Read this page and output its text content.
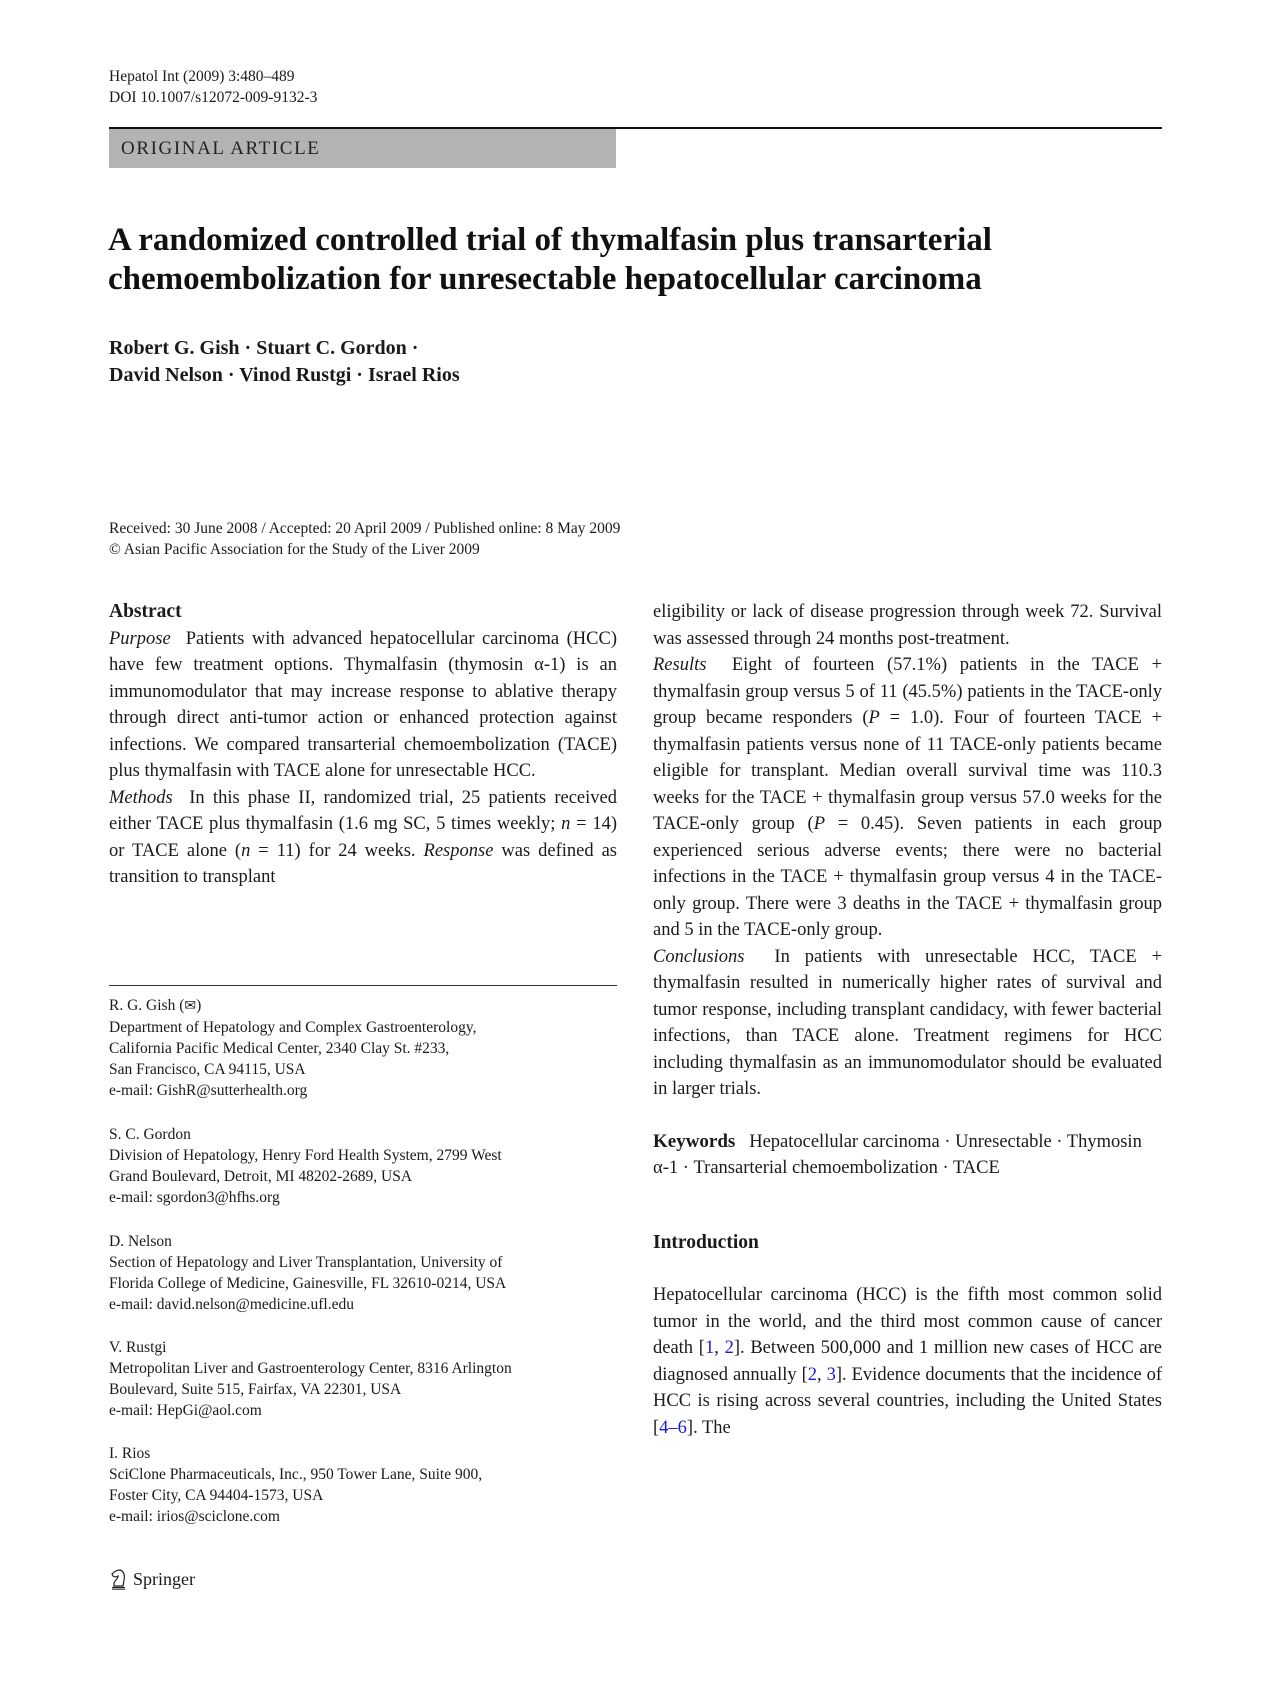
Hepatol Int (2009) 3:480–489
DOI 10.1007/s12072-009-9132-3
ORIGINAL ARTICLE
A randomized controlled trial of thymalfasin plus transarterial
chemoembolization for unresectable hepatocellular carcinoma
Robert G. Gish · Stuart C. Gordon ·
David Nelson · Vinod Rustgi · Israel Rios
Received: 30 June 2008 / Accepted: 20 April 2009 / Published online: 8 May 2009
© Asian Pacific Association for the Study of the Liver 2009

Abstract

Purpose Patients with advanced hepatocellular carcinoma (HCC) have few treatment options. Thymalfasin (thymosin α-1) is an immunomodulator that may increase response to ablative therapy through direct anti-tumor action or enhanced protection against infections. We compared transarterial chemoembolization (TACE) plus thymalfasin with TACE alone for unresectable HCC.

Methods In this phase II, randomized trial, 25 patients received either TACE plus thymalfasin (1.6 mg SC, 5 times weekly; n = 14) or TACE alone (n = 11) for 24 weeks. Response was defined as transition to transplant

R. G. Gish (✉)

Department of Hepatology and Complex Gastroenterology,

California Pacific Medical Center, 2340 Clay St. #233,

San Francisco, CA 94115, USA

e-mail: GishR@sutterhealth.org

S. C. Gordon

Division of Hepatology, Henry Ford Health System, 2799 West

Grand Boulevard, Detroit, MI 48202-2689, USA

e-mail: sgordon3@hfhs.org

D. Nelson

Section of Hepatology and Liver Transplantation, University of

Florida College of Medicine, Gainesville, FL 32610-0214, USA

e-mail: david.nelson@medicine.ufl.edu

V. Rustgi

Metropolitan Liver and Gastroenterology Center, 8316 Arlington

Boulevard, Suite 515, Fairfax, VA 22301, USA

e-mail: HepGi@aol.com

I. Rios

SciClone Pharmaceuticals, Inc., 950 Tower Lane, Suite 900,

Foster City, CA 94404-1573, USA

e-mail: irios@sciclone.com

eligibility or lack of disease progression through week 72. Survival was assessed through 24 months post-treatment.

Results Eight of fourteen (57.1%) patients in the TACE + thymalfasin group versus 5 of 11 (45.5%) patients in the TACE-only group became responders (P = 1.0). Four of fourteen TACE + thymalfasin patients versus none of 11 TACE-only patients became eligible for transplant. Median overall survival time was 110.3 weeks for the TACE + thymalfasin group versus 57.0 weeks for the TACE-only group (P = 0.45). Seven patients in each group experienced serious adverse events; there were no bacterial infections in the TACE + thymalfasin group versus 4 in the TACE-only group. There were 3 deaths in the TACE + thymalfasin group and 5 in the TACE-only group.

Conclusions In patients with unresectable HCC, TACE + thymalfasin resulted in numerically higher rates of survival and tumor response, including transplant candidacy, with fewer bacterial infections, than TACE alone. Treatment regimens for HCC including thymalfasin as an immunomodulator should be evaluated in larger trials.

Keywords Hepatocellular carcinoma · Unresectable · Thymosin α-1 · Transarterial chemoembolization · TACE

Introduction

Hepatocellular carcinoma (HCC) is the fifth most common solid tumor in the world, and the third most common cause of cancer death [1, 2]. Between 500,000 and 1 million new cases of HCC are diagnosed annually [2, 3]. Evidence documents that the incidence of HCC is rising across several countries, including the United States [4–6]. The

Springer
